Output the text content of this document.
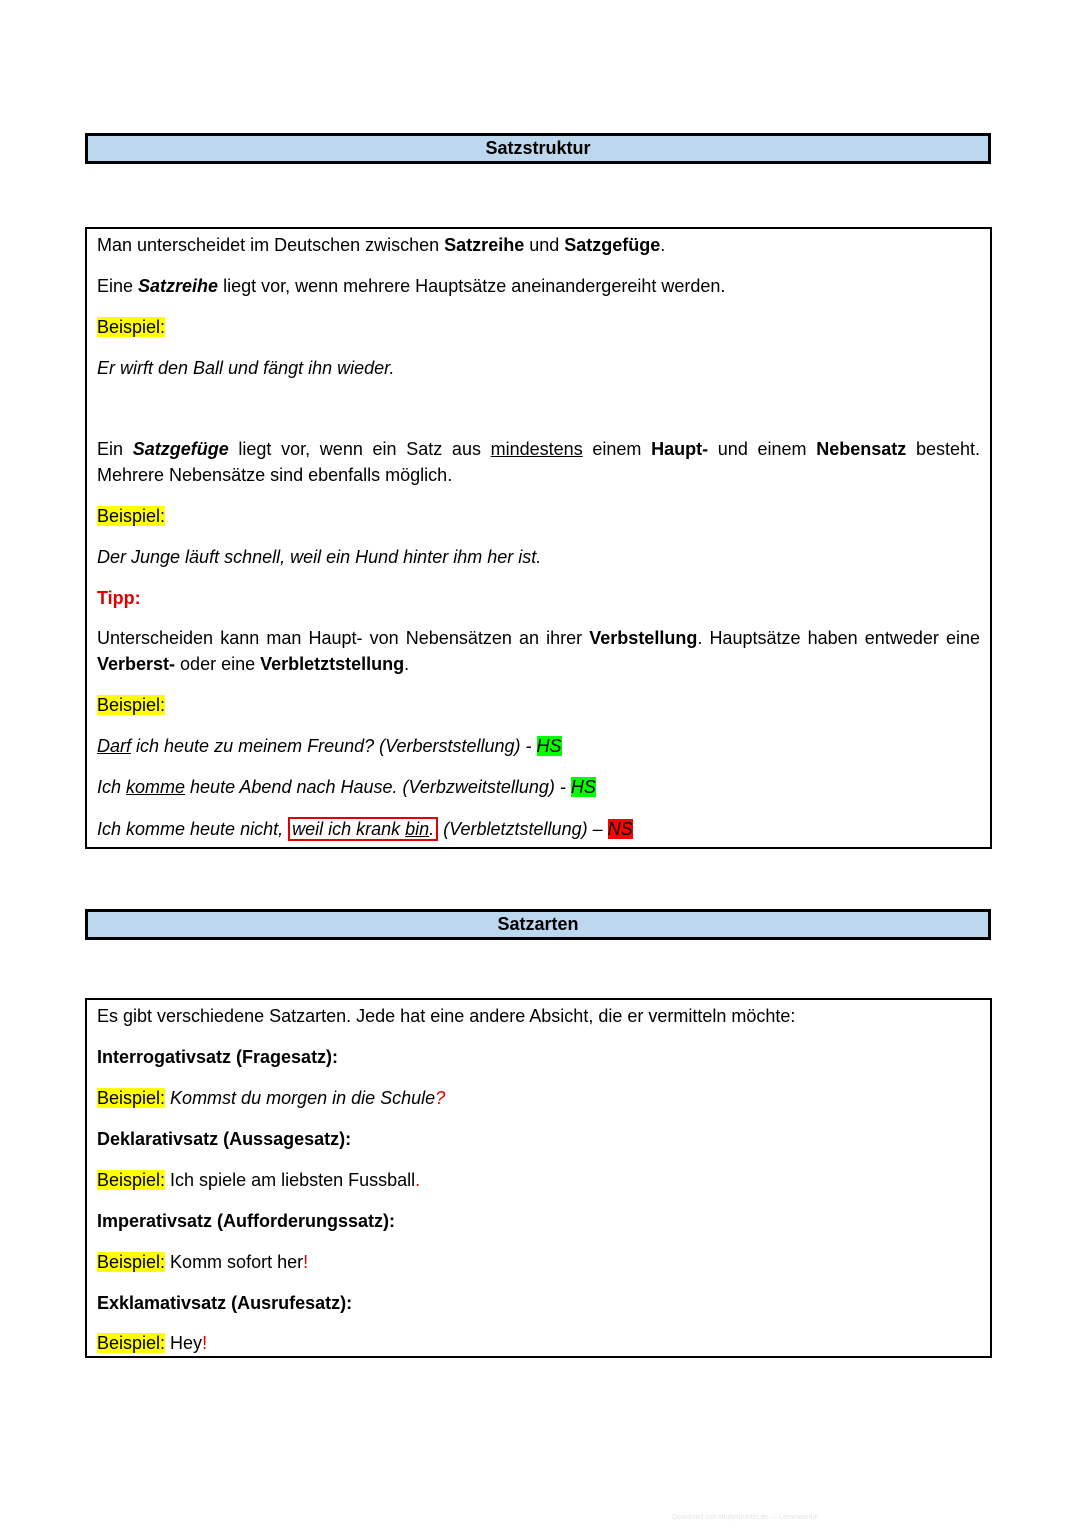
Satzstruktur
Man unterscheidet im Deutschen zwischen Satzreihe und Satzgefüge.
Eine Satzreihe liegt vor, wenn mehrere Hauptsätze aneinandergereiht werden.
Beispiel:
Er wirft den Ball und fängt ihn wieder.
Ein Satzgefüge liegt vor, wenn ein Satz aus mindestens einem Haupt- und einem Nebensatz besteht. Mehrere Nebensätze sind ebenfalls möglich.
Beispiel:
Der Junge läuft schnell, weil ein Hund hinter ihm her ist.
Tipp:
Unterscheiden kann man Haupt- von Nebensätzen an ihrer Verbstellung. Hauptsätze haben entweder eine Verberst- oder eine Verbletztstellung.
Beispiel:
Darf ich heute zu meinem Freund? (Verberststellung) - HS
Ich komme heute Abend nach Hause. (Verbzweitstellung) - HS
Ich komme heute nicht, weil ich krank bin. (Verbletztstellung) – NS
Satzarten
Es gibt verschiedene Satzarten. Jede hat eine andere Absicht, die er vermitteln möchte:
Interrogativsatz (Fragesatz):
Beispiel: Kommst du morgen in die Schule?
Deklarativsatz (Aussagesatz):
Beispiel: Ich spiele am liebsten Fussball.
Imperativsatz (Aufforderungssatz):
Beispiel: Komm sofort her!
Exklamativsatz (Ausrufesatz):
Beispiel: Hey!
Download von studysmarter.de — Lernmaterial
